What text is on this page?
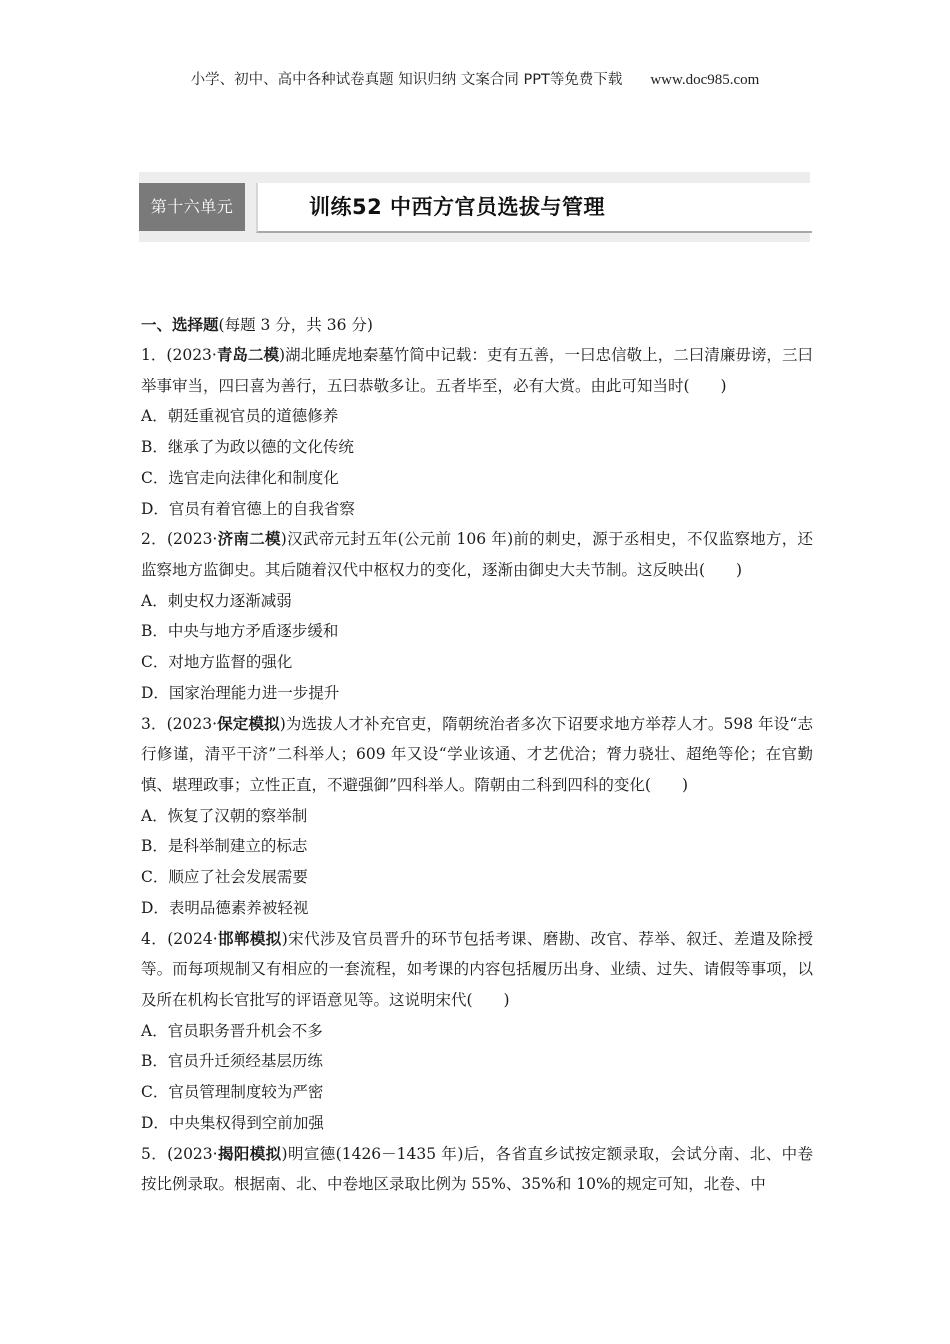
小学、初中、高中各种试卷真题 知识归纳 文案合同 PPT等免费下载 www.doc985.com
第十六单元	训练52 中西方官员选拔与管理
一、选择题(每题 3 分，共 36 分)
1．(2023·青岛二模)湖北睡虎地秦墓竹简中记载：吏有五善，一曰忠信敬上，二曰清廉毋谤，三曰举事审当，四曰喜为善行，五曰恭敬多让。五者毕至，必有大赏。由此可知当时(　　)
A．朝廷重视官员的道德修养
B．继承了为政以德的文化传统
C．选官走向法律化和制度化
D．官员有着官德上的自我省察
2．(2023·济南二模)汉武帝元封五年(公元前 106 年)前的刺史，源于丞相史，不仅监察地方，还监察地方监御史。其后随着汉代中枢权力的变化，逐渐由御史大夫节制。这反映出(　　)
A．刺史权力逐渐减弱
B．中央与地方矛盾逐步缓和
C．对地方监督的强化
D．国家治理能力进一步提升
3．(2023·保定模拟)为选拔人才补充官吏，隋朝统治者多次下诏要求地方举荐人才。598 年设“志行修谨，清平干济”二科举人；609 年又设“学业该通、才艺优洽；膂力骁壮、超绝等伦；在官勤慎、堪理政事；立性正直，不避强御”四科举人。隋朝由二科到四科的变化(　　)
A．恢复了汉朝的察举制
B．是科举制建立的标志
C．顺应了社会发展需要
D．表明品德素养被轻视
4．(2024·邯郸模拟)宋代涉及官员晋升的环节包括考课、磨勘、改官、荐举、叙迁、差遣及除授等。而每项规制又有相应的一套流程，如考课的内容包括履历出身、业绩、过失、请假等事项，以及所在机构长官批写的评语意见等。这说明宋代(　　)
A．官员职务晋升机会不多
B．官员升迁须经基层历练
C．官员管理制度较为严密
D．中央集权得到空前加强
5．(2023·揭阳模拟)明宣德(1426－1435 年)后，各省直乡试按定额录取，会试分南、北、中卷按比例录取。根据南、北、中卷地区录取比例为 55%、35%和 10%的规定可知，北卷、中
